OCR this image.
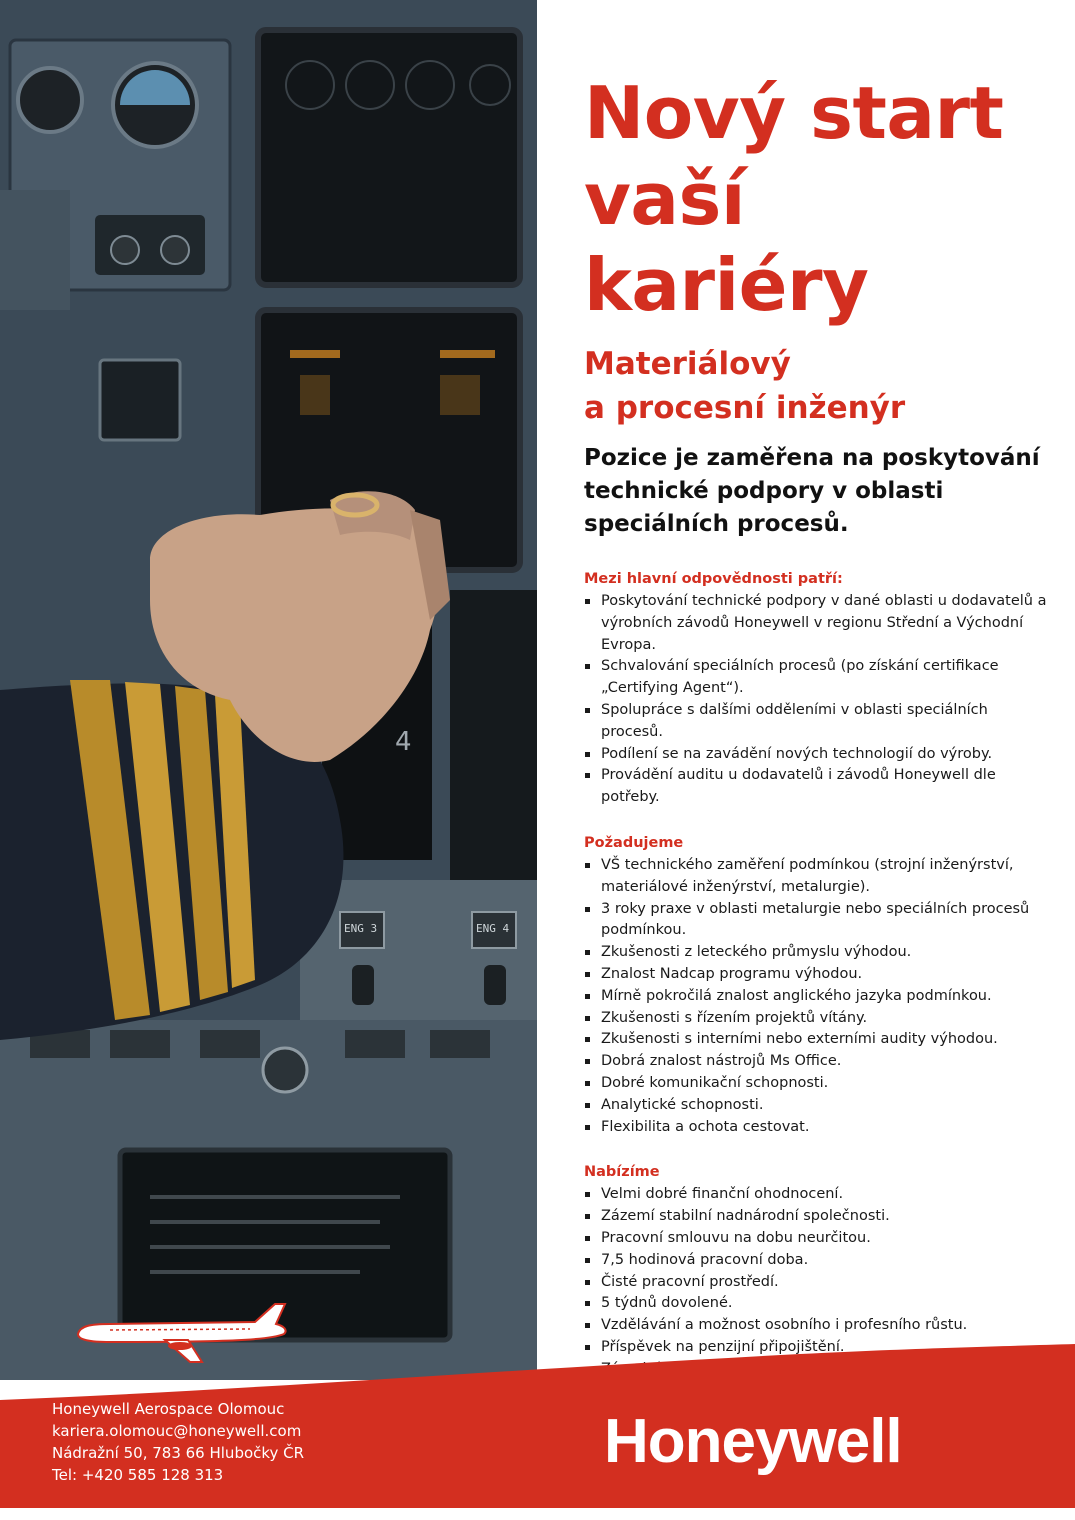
4
ENG 3	ENG 4
Nový start
vaší kariéry
Materiálový
a procesní inženýr

Pozice je zaměřena na poskytování technické podpory v oblasti speciálních procesů.

Mezi hlavní odpovědnosti patří:
Poskytování technické podpory v dané oblasti u dodavatelů a výrobních závodů Honeywell v regionu Střední a Východní Evropa.
Schvalování speciálních procesů (po získání certifikace „Certifying Agent“).
Spolupráce s dalšími odděleními v oblasti speciálních procesů.
Podílení se na zavádění nových technologií do výroby.
Provádění auditu u dodavatelů i závodů Honeywell dle potřeby.
Požadujeme
VŠ technického zaměření podmínkou (strojní inženýrství, materiálové inženýrství, metalurgie).
3 roky praxe v oblasti metalurgie nebo speciálních procesů podmínkou.
Zkušenosti z leteckého průmyslu výhodou.
Znalost Nadcap programu výhodou.
Mírně pokročilá znalost anglického jazyka podmínkou.
Zkušenosti s řízením projektů vítány.
Zkušenosti s interními nebo externími audity výhodou.
Dobrá znalost nástrojů Ms Office.
Dobré komunikační schopnosti.
Analytické schopnosti.
Flexibilita a ochota cestovat.
Nabízíme
Velmi dobré finanční ohodnocení.
Zázemí stabilní nadnárodní společnosti.
Pracovní smlouvu na dobu neurčitou.
7,5 hodinová pracovní doba.
Čisté pracovní prostředí.
5 týdnů dovolené.
Vzdělávání a možnost osobního i profesního růstu.
Příspěvek na penzijní připojištění.
Honeywell Aerospace Olomouc
kariera.olomouc@honeywell.com
Nádražní 50, 783 66 Hlubočky ČR
Tel: +420 585 128 313	Honeywell
